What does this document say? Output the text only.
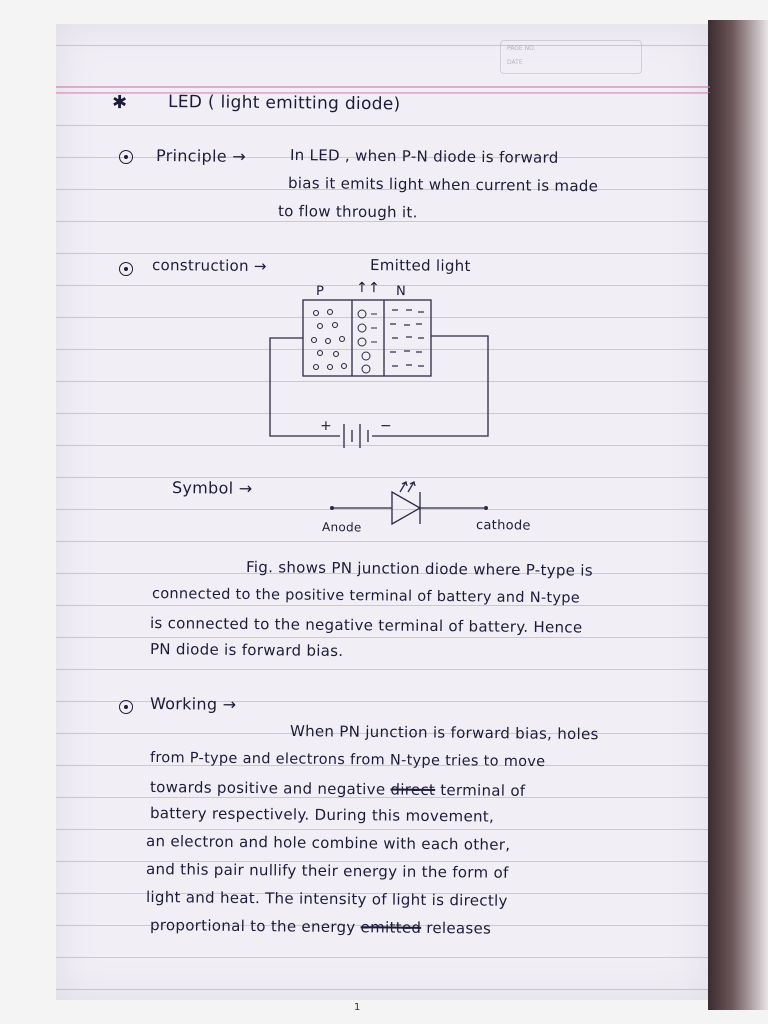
PAGE NO.
DATE
✱ LED ( light emitting diode)
Principle →	In LED , when P-N diode is forward
bias it emits light when current is made
to flow through it.
construction →	Emitted light
P ↑↑ N
+	−
Symbol →
Anode	cathode
Fig. shows PN junction diode where P-type is
connected to the positive terminal of battery and N-type
is connected to the negative terminal of battery. Hence
PN diode is forward bias.
Working →
When PN junction is forward bias, holes
from P-type and electrons from N-type tries to move
towards positive and negative direct terminal of
battery respectively. During this movement,
an electron and hole combine with each other,
and this pair nullify their energy in the form of
light and heat. The intensity of light is directly
proportional to the energy emitted releases
1
